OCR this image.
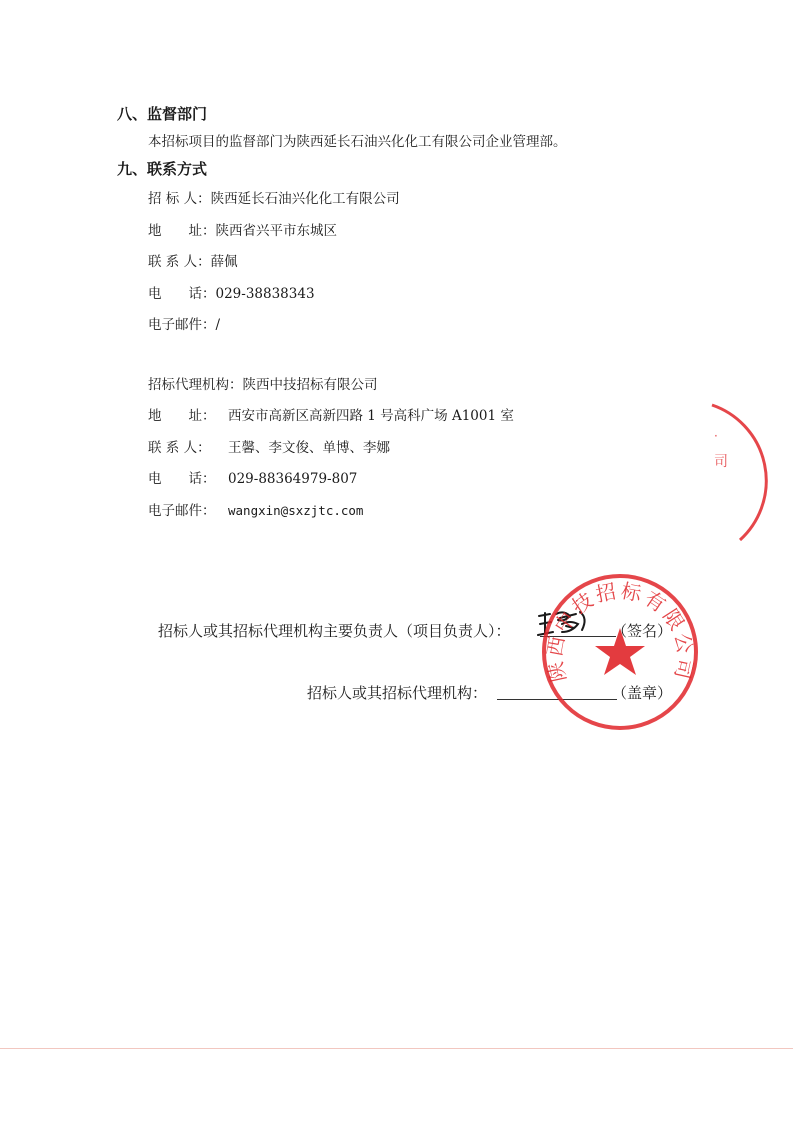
八、监督部门
本招标项目的监督部门为陕西延长石油兴化化工有限公司企业管理部。
九、联系方式
招 标 人：陕西延长石油兴化化工有限公司
地　　址：陕西省兴平市东城区
联 系 人：薛佩
电　　话：029-38838343
电子邮件：/
招标代理机构：陕西中技招标有限公司
地　　址： 西安市高新区高新四路 1 号高科广场 A1001 室
联 系 人： 王馨、李文俊、单博、李娜
电　　话： 029-88364979-807
电子邮件： wangxin@sxzjtc.com
·
司
招标人或其招标代理机构主要负责人（项目负责人）：	（签名）
招标人或其招标代理机构：	（盖章）
陕西中技招标有限公司
